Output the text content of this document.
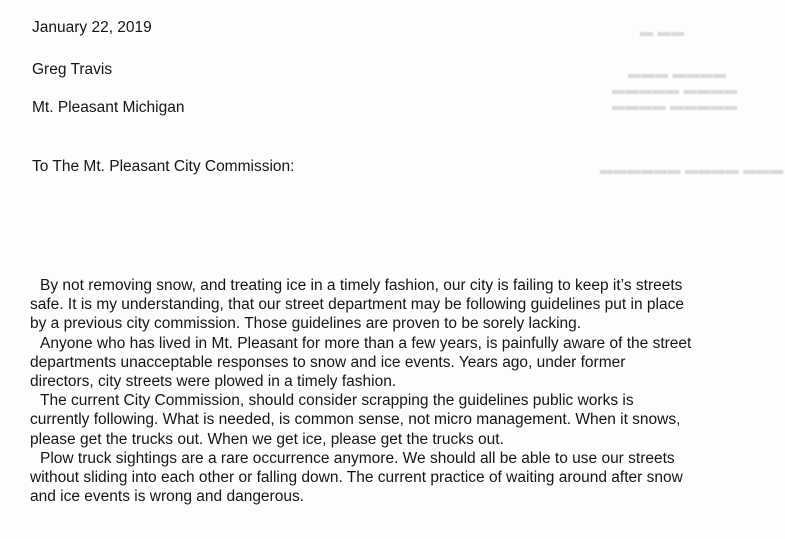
▬ ▬▬
▬▬▬ ▬▬▬▬
▬▬▬▬▬ ▬▬▬▬
▬▬▬▬ ▬▬▬▬▬
▬▬▬▬▬▬ ▬▬▬▬ ▬▬▬
January 22, 2019
Greg Travis
Mt. Pleasant Michigan
To The Mt. Pleasant City Commission:
By not removing snow, and treating ice in a timely fashion, our city is failing to keep it’s streets
safe. It is my understanding, that our street department may be following guidelines put in place
by a previous city commission. Those guidelines are proven to be sorely lacking.
Anyone who has lived in Mt. Pleasant for more than a few years, is painfully aware of the street
departments unacceptable responses to snow and ice events. Years ago, under former
directors, city streets were plowed in a timely fashion.
The current City Commission, should consider scrapping the guidelines public works is
currently following. What is needed, is common sense, not micro management. When it snows,
please get the trucks out. When we get ice, please get the trucks out.
Plow truck sightings are a rare occurrence anymore. We should all be able to use our streets
without sliding into each other or falling down. The current practice of waiting around after snow
and ice events is wrong and dangerous.
